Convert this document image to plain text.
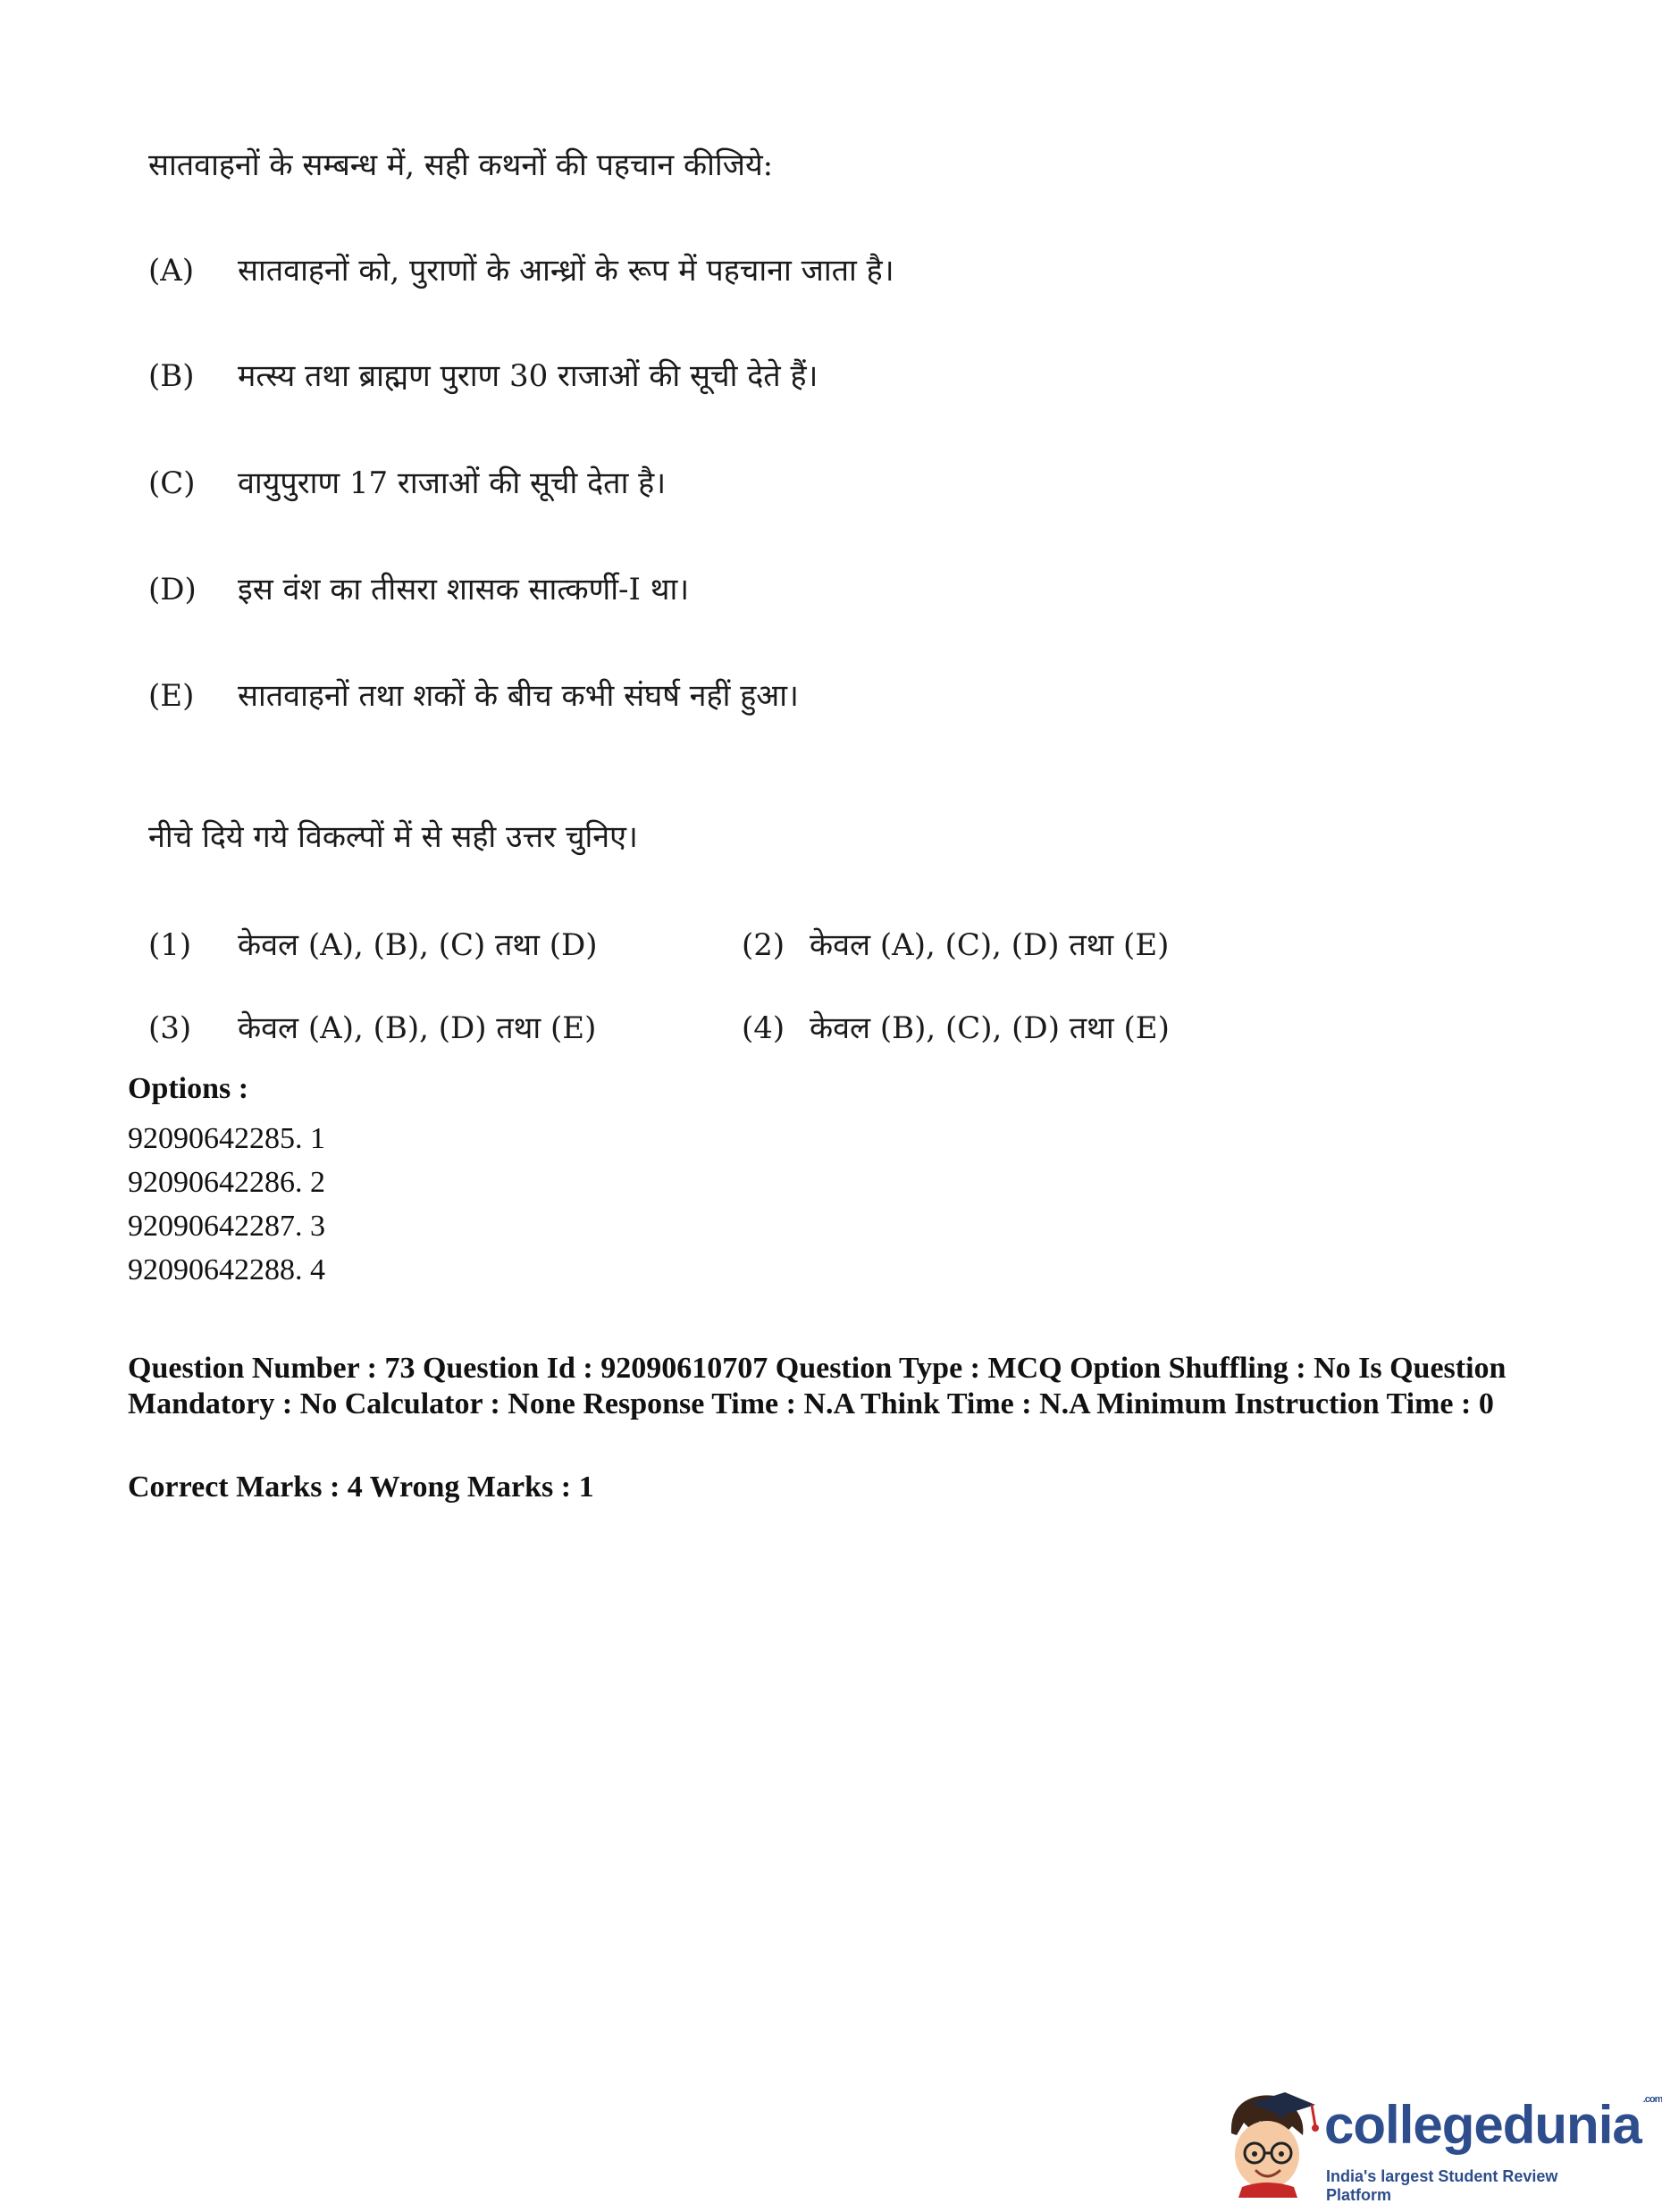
सातवाहनों के सम्बन्ध में, सही कथनों की पहचान कीजिये:
(A)	सातवाहनों को, पुराणों के आन्ध्रों के रूप में पहचाना जाता है।
(B)	मत्स्य तथा ब्राह्मण पुराण 30 राजाओं की सूची देते हैं।
(C)	वायुपुराण 17 राजाओं की सूची देता है।
(D)	इस वंश का तीसरा शासक सात्कर्णी-I था।
(E)	सातवाहनों तथा शकों के बीच कभी संघर्ष नहीं हुआ।
नीचे दिये गये विकल्पों में से सही उत्तर चुनिए।
(1)	केवल (A), (B), (C) तथा (D)	(2) केवल (A), (C), (D) तथा (E)
(3)	केवल (A), (B), (D) तथा (E)	(4) केवल (B), (C), (D) तथा (E)
Options :
92090642285. 1
92090642286. 2
92090642287. 3
92090642288. 4
Question Number : 73 Question Id : 92090610707 Question Type : MCQ Option Shuffling : No Is Question Mandatory : No Calculator : None Response Time : N.A Think Time : N.A Minimum Instruction Time : 0
Correct Marks : 4 Wrong Marks : 1
collegedunia $^{.com}$
India's largest Student Review Platform
